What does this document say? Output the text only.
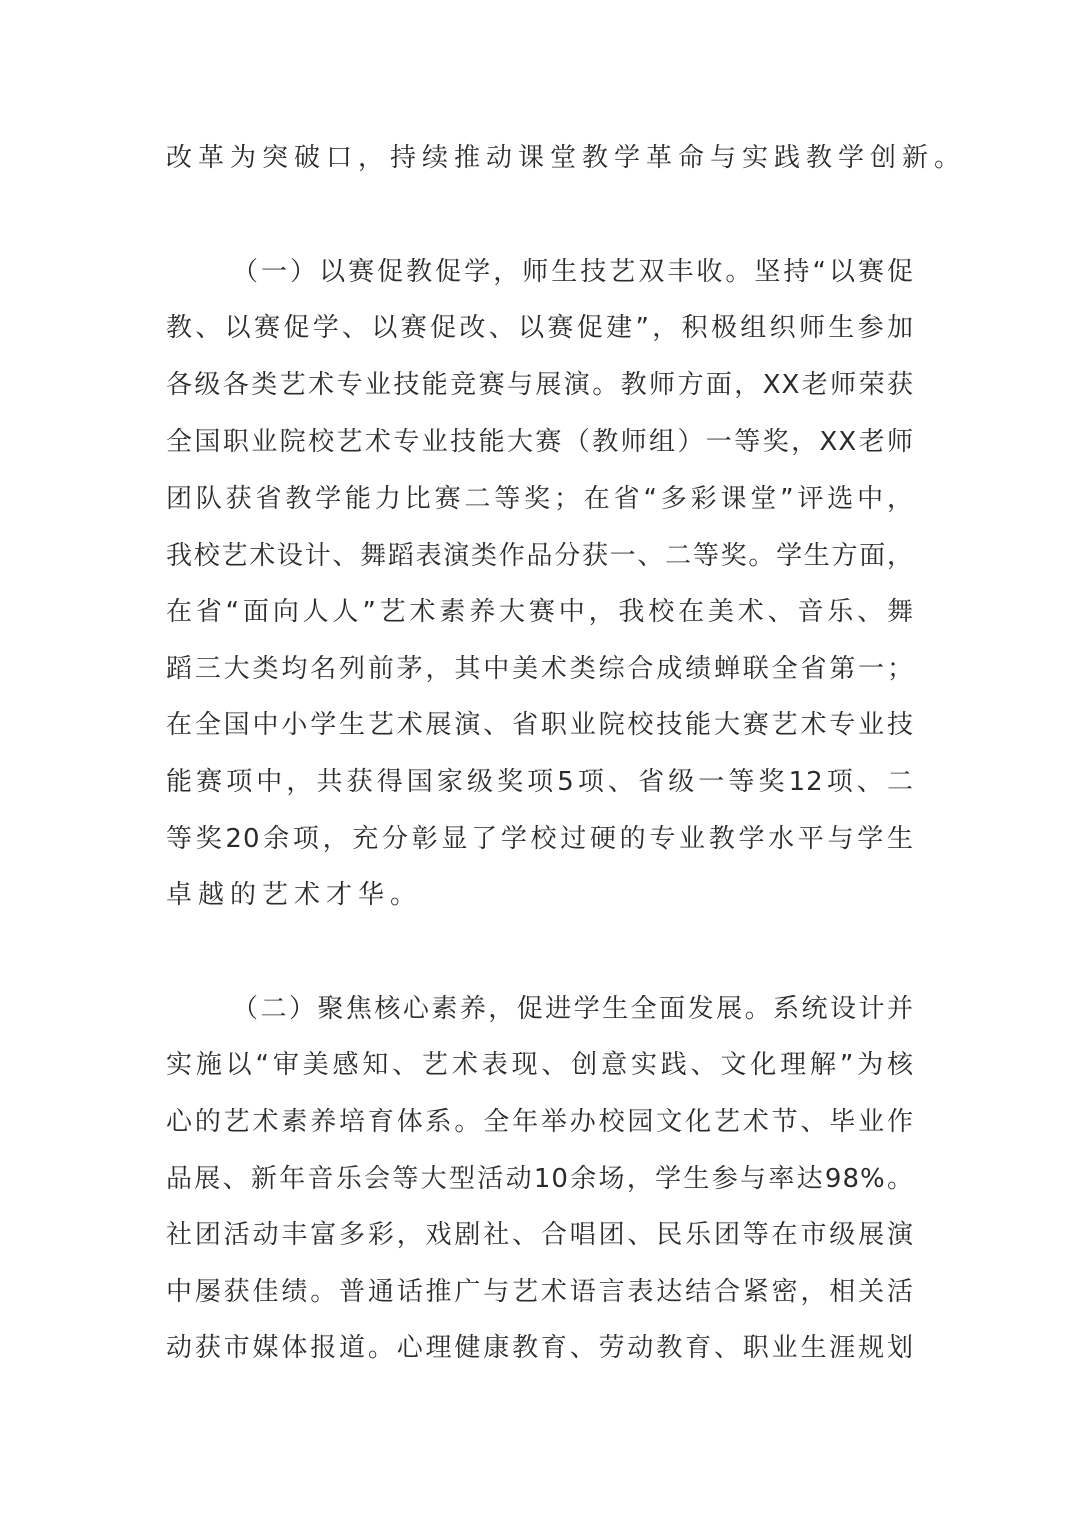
改革为突破口，持续推动课堂教学革命与实践教学创新。
（一）以赛促教促学，师生技艺双丰收。坚持“以赛促
教、以赛促学、以赛促改、以赛促建”，积极组织师生参加
各级各类艺术专业技能竞赛与展演。教师方面，XX老师荣获
全国职业院校艺术专业技能大赛（教师组）一等奖，XX老师
团队获省教学能力比赛二等奖；在省“多彩课堂”评选中，
我校艺术设计、舞蹈表演类作品分获一、二等奖。学生方面，
在省“面向人人”艺术素养大赛中，我校在美术、音乐、舞
蹈三大类均名列前茅，其中美术类综合成绩蝉联全省第一；
在全国中小学生艺术展演、省职业院校技能大赛艺术专业技
能赛项中，共获得国家级奖项5项、省级一等奖12项、二
等奖20余项，充分彰显了学校过硬的专业教学水平与学生
卓越的艺术才华。
（二）聚焦核心素养，促进学生全面发展。系统设计并
实施以“审美感知、艺术表现、创意实践、文化理解”为核
心的艺术素养培育体系。全年举办校园文化艺术节、毕业作
品展、新年音乐会等大型活动10余场，学生参与率达98%。
社团活动丰富多彩，戏剧社、合唱团、民乐团等在市级展演
中屡获佳绩。普通话推广与艺术语言表达结合紧密，相关活
动获市媒体报道。心理健康教育、劳动教育、职业生涯规划
